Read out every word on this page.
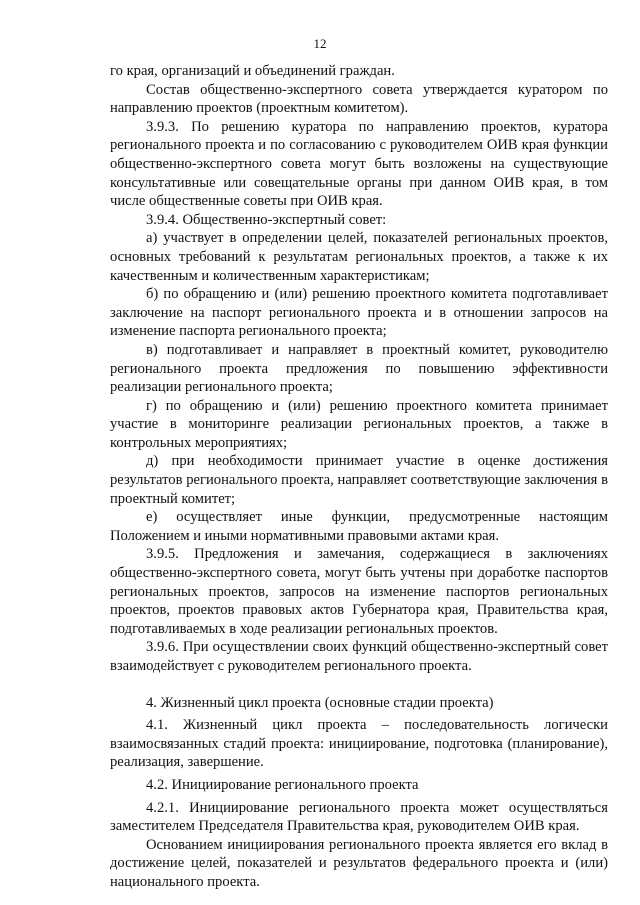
12

го края, организаций и объединений граждан.

Состав общественно-экспертного совета утверждается куратором по направлению проектов (проектным комитетом).

3.9.3. По решению куратора по направлению проектов, куратора регионального проекта и по согласованию с руководителем ОИВ края функции общественно-экспертного совета могут быть возложены на существующие консультативные или совещательные органы при данном ОИВ края, в том числе общественные советы при ОИВ края.

3.9.4. Общественно-экспертный совет:

а) участвует в определении целей, показателей региональных проектов, основных требований к результатам региональных проектов, а также к их качественным и количественным характеристикам;

б) по обращению и (или) решению проектного комитета подготавливает заключение на паспорт регионального проекта и в отношении запросов на изменение паспорта регионального проекта;

в) подготавливает и направляет в проектный комитет, руководителю регионального проекта предложения по повышению эффективности реализации регионального проекта;

г) по обращению и (или) решению проектного комитета принимает участие в мониторинге реализации региональных проектов, а также в контрольных мероприятиях;

д) при необходимости принимает участие в оценке достижения результатов регионального проекта, направляет соответствующие заключения в проектный комитет;

е) осуществляет иные функции, предусмотренные настоящим Положением и иными нормативными правовыми актами края.

3.9.5. Предложения и замечания, содержащиеся в заключениях общественно-экспертного совета, могут быть учтены при доработке паспортов региональных проектов, запросов на изменение паспортов региональных проектов, проектов правовых актов Губернатора края, Правительства края, подготавливаемых в ходе реализации региональных проектов.

3.9.6. При осуществлении своих функций общественно-экспертный совет взаимодействует с руководителем регионального проекта.

4. Жизненный цикл проекта (основные стадии проекта)

4.1. Жизненный цикл проекта – последовательность логически взаимосвязанных стадий проекта: инициирование, подготовка (планирование), реализация, завершение.

4.2. Инициирование регионального проекта

4.2.1. Инициирование регионального проекта может осуществляться заместителем Председателя Правительства края, руководителем ОИВ края.

Основанием инициирования регионального проекта является его вклад в достижение целей, показателей и результатов федерального проекта и (или) национального проекта.
